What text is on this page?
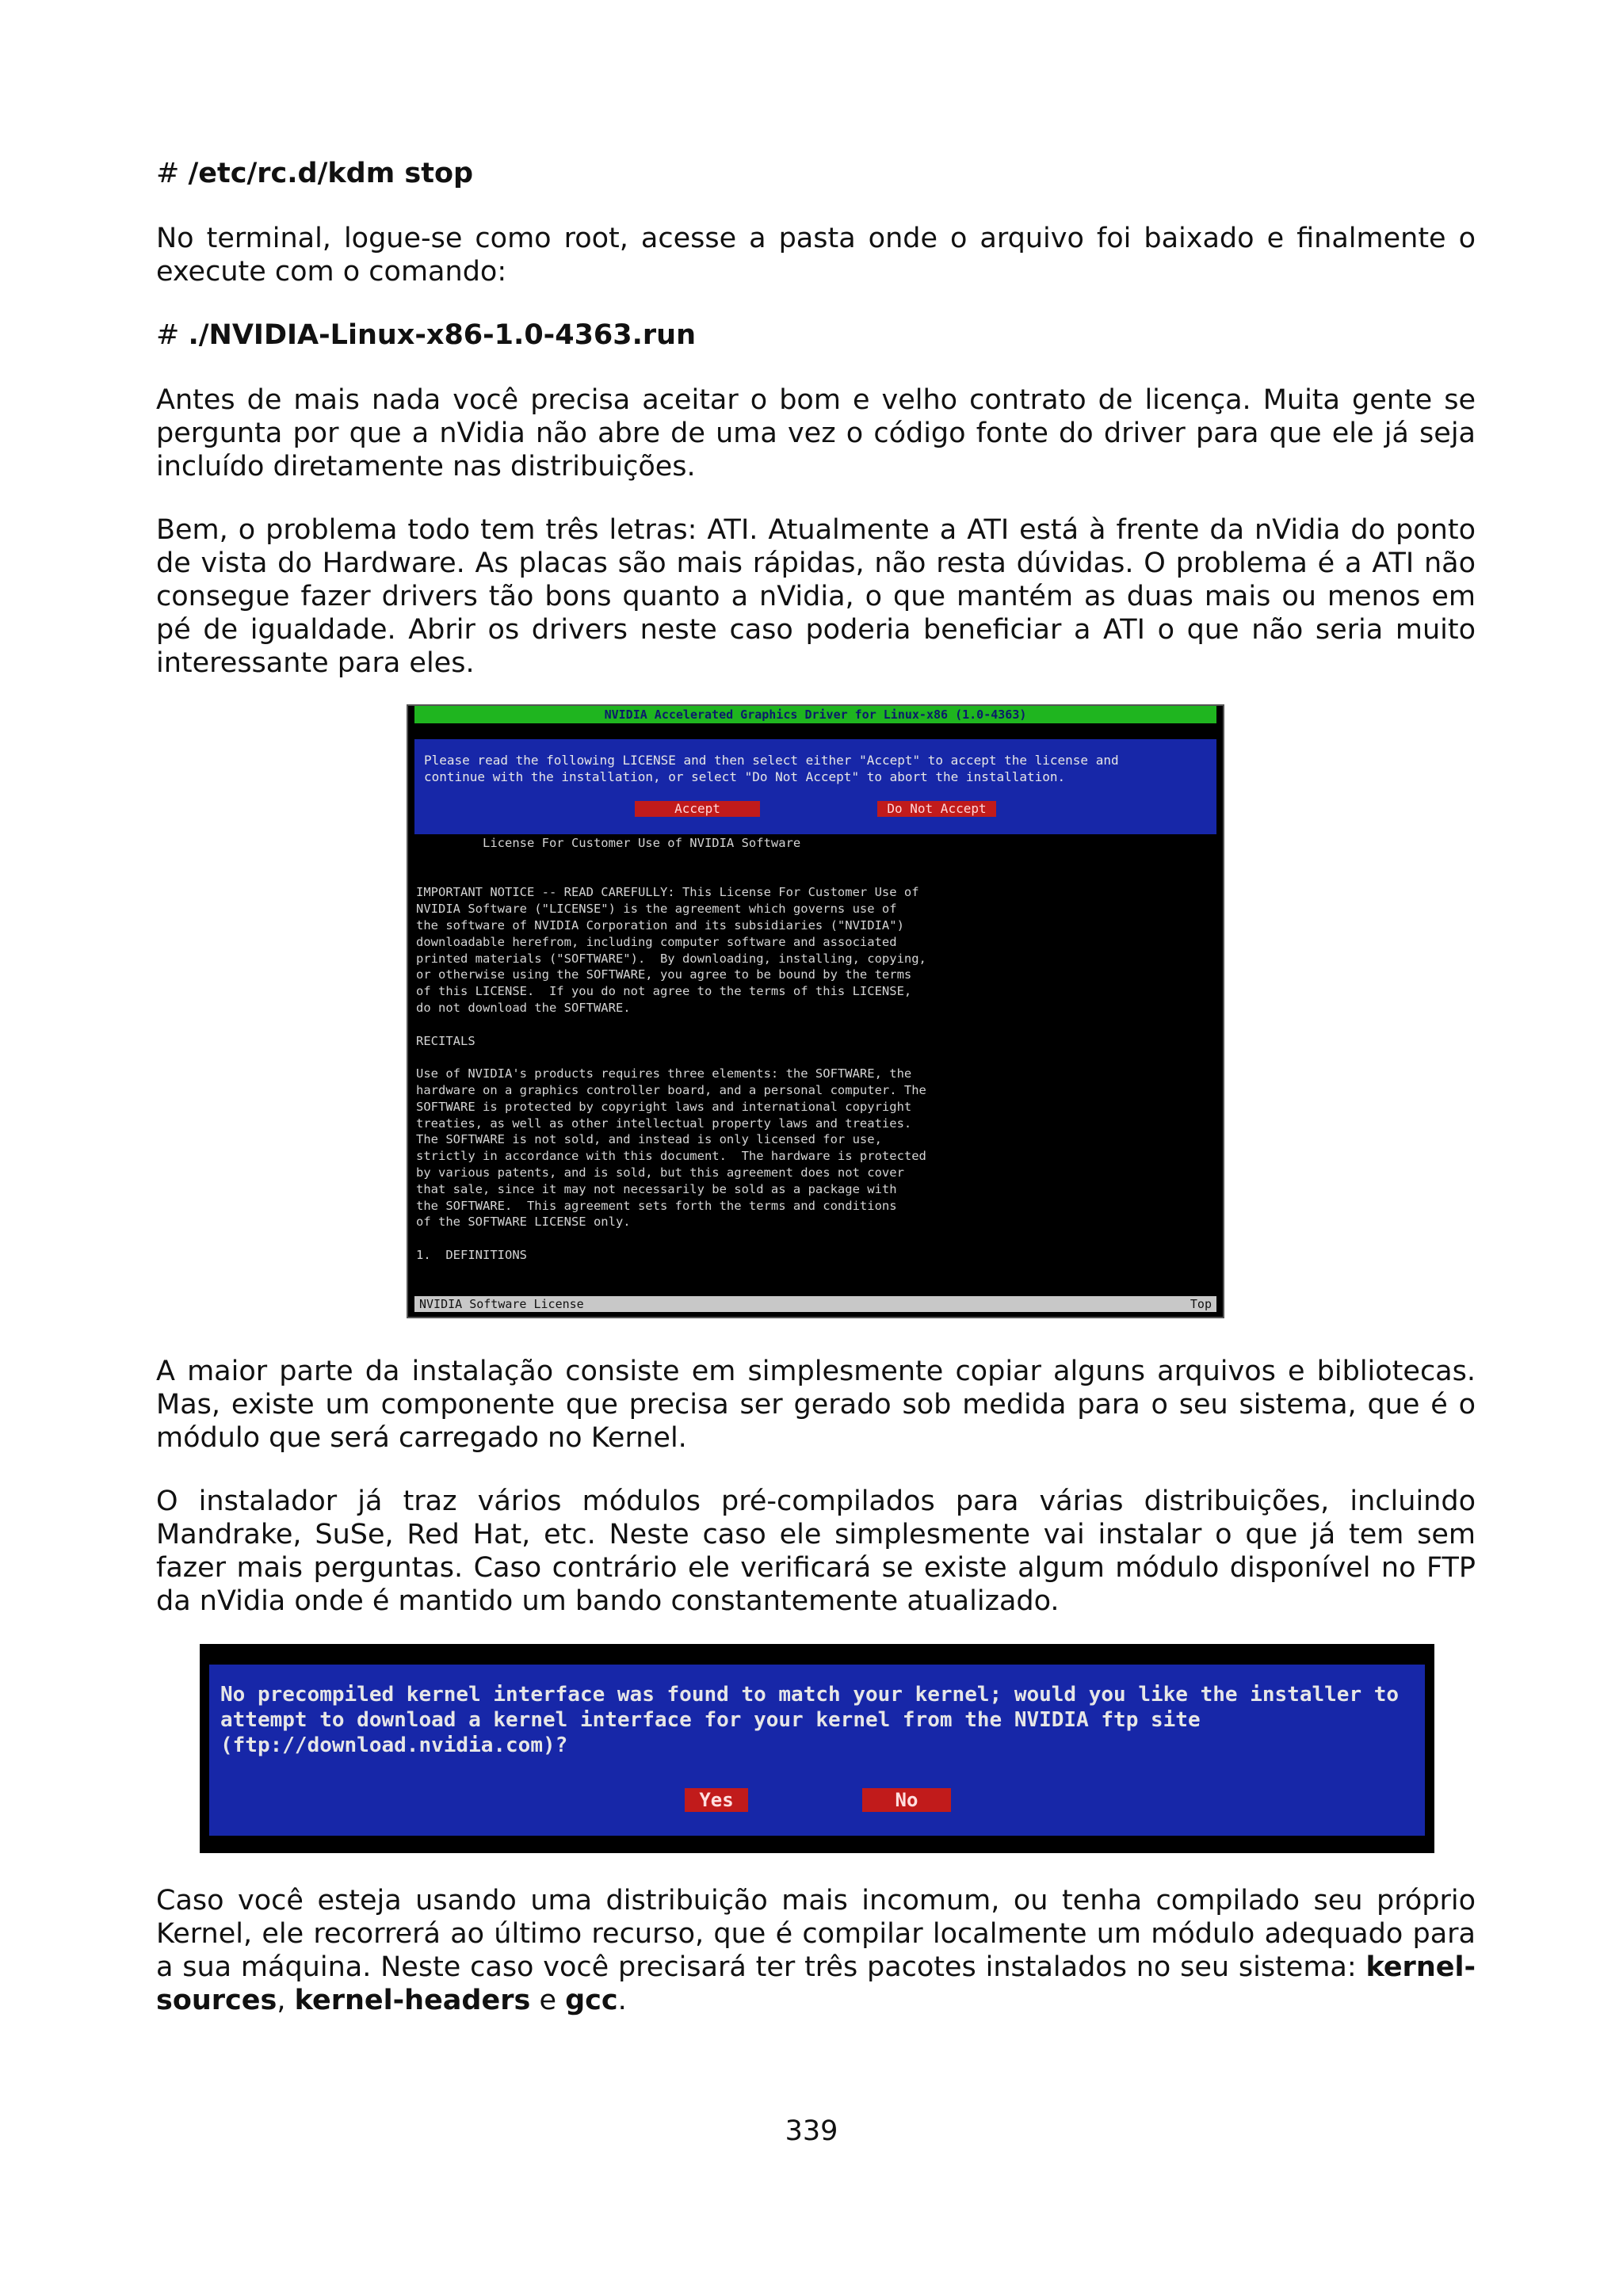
# /etc/rc.d/kdm stop

No terminal, logue-se como root, acesse a pasta onde o arquivo foi baixado e finalmente o execute com o comando:

# ./NVIDIA-Linux-x86-1.0-4363.run

Antes de mais nada você precisa aceitar o bom e velho contrato de licença. Muita gente se pergunta por que a nVidia não abre de uma vez o código fonte do driver para que ele já seja incluído diretamente nas distribuições.

Bem, o problema todo tem três letras: ATI. Atualmente a ATI está à frente da nVidia do ponto de vista do Hardware. As placas são mais rápidas, não resta dúvidas. O problema é a ATI não consegue fazer drivers tão bons quanto a nVidia, o que mantém as duas mais ou menos em pé de igualdade. Abrir os drivers neste caso poderia beneficiar a ATI o que não seria muito interessante para eles.

NVIDIA Accelerated Graphics Driver for Linux-x86 (1.0-4363)
Please read the following LICENSE and then select either "Accept" to accept the license and
continue with the installation, or select "Do Not Accept" to abort the installation.
Accept	Do Not Accept
License For Customer Use of NVIDIA Software

IMPORTANT NOTICE -- READ CAREFULLY: This License For Customer Use of
NVIDIA Software ("LICENSE") is the agreement which governs use of
the software of NVIDIA Corporation and its subsidiaries ("NVIDIA")
downloadable herefrom, including computer software and associated
printed materials ("SOFTWARE").  By downloading, installing, copying,
or otherwise using the SOFTWARE, you agree to be bound by the terms
of this LICENSE.  If you do not agree to the terms of this LICENSE,
do not download the SOFTWARE.

RECITALS

Use of NVIDIA's products requires three elements: the SOFTWARE, the
hardware on a graphics controller board, and a personal computer. The
SOFTWARE is protected by copyright laws and international copyright
treaties, as well as other intellectual property laws and treaties.
The SOFTWARE is not sold, and instead is only licensed for use,
strictly in accordance with this document.  The hardware is protected
by various patents, and is sold, but this agreement does not cover
that sale, since it may not necessarily be sold as a package with
the SOFTWARE.  This agreement sets forth the terms and conditions
of the SOFTWARE LICENSE only.

1.  DEFINITIONS
NVIDIA Software License	Top

A maior parte da instalação consiste em simplesmente copiar alguns arquivos e bibliotecas. Mas, existe um componente que precisa ser gerado sob medida para o seu sistema, que é o módulo que será carregado no Kernel.

O instalador já traz vários módulos pré-compilados para várias distribuições, incluindo Mandrake, SuSe, Red Hat, etc. Neste caso ele simplesmente vai instalar o que já tem sem fazer mais perguntas. Caso contrário ele verificará se existe algum módulo disponível no FTP da nVidia onde é mantido um bando constantemente atualizado.

No precompiled kernel interface was found to match your kernel; would you like the installer to
attempt to download a kernel interface for your kernel from the NVIDIA ftp site
(ftp://download.nvidia.com)?
Yes	No

Caso você esteja usando uma distribuição mais incomum, ou tenha compilado seu próprio Kernel, ele recorrerá ao último recurso, que é compilar localmente um módulo adequado para a sua máquina. Neste caso você precisará ter três pacotes instalados no seu sistema: kernel-sources, kernel-headers e gcc.

339
